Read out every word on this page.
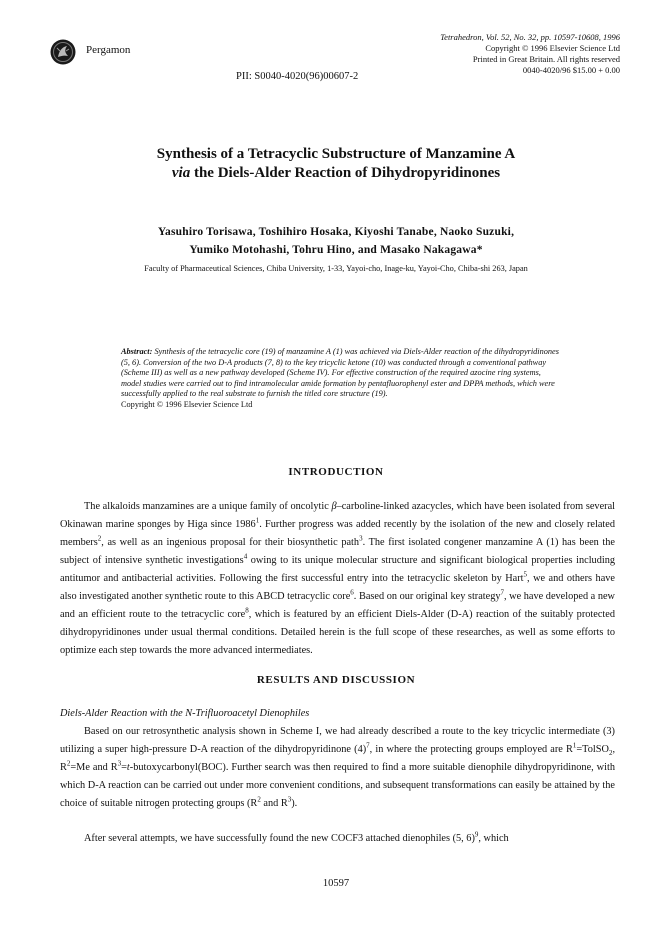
Pergamon
Tetrahedron, Vol. 52, No. 32, pp. 10597-10608, 1996
Copyright © 1996 Elsevier Science Ltd
Printed in Great Britain. All rights reserved
0040-4020/96 $15.00 + 0.00
PII: S0040-4020(96)00607-2
Synthesis of a Tetracyclic Substructure of Manzamine A
via the Diels-Alder Reaction of Dihydropyridinones
Yasuhiro Torisawa, Toshihiro Hosaka, Kiyoshi Tanabe, Naoko Suzuki,
Yumiko Motohashi, Tohru Hino, and Masako Nakagawa*
Faculty of Pharmaceutical Sciences, Chiba University, 1-33, Yayoi-cho, Inage-ku, Yayoi-Cho, Chiba-shi 263, Japan
Abstract: Synthesis of the tetracyclic core (19) of manzamine A (1) was achieved via Diels-Alder reaction of the dihydropyridinones (5, 6). Conversion of the two D-A products (7, 8) to the key tricyclic ketone (10) was conducted through a conventional pathway (Scheme III) as well as a new pathway developed (Scheme IV). For effective construction of the required azocine ring systems, model studies were carried out to find intramolecular amide formation by pentafluorophenyl ester and DPPA methods, which were successfully applied to the real substrate to furnish the titled core structure (19).
Copyright © 1996 Elsevier Science Ltd
INTRODUCTION
The alkaloids manzamines are a unique family of oncolytic β–carboline-linked azacycles, which have been isolated from several Okinawan marine sponges by Higa since 1986$^1$. Further progress was added recently by the isolation of the new and closely related members$^2$, as well as an ingenious proposal for their biosynthetic path$^3$. The first isolated congener manzamine A (1) has been the subject of intensive synthetic investigations$^4$ owing to its unique molecular structure and significant biological properties including antitumor and antibacterial activities. Following the first successful entry into the tetracyclic skeleton by Hart$^5$, we and others have also investigated another synthetic route to this ABCD tetracyclic core$^6$. Based on our original key strategy$^7$, we have developed a new and an efficient route to the tetracyclic core$^8$, which is featured by an efficient Diels-Alder (D-A) reaction of the suitably protected dihydropyridinones under usual thermal conditions. Detailed herein is the full scope of these researches, as well as some efforts to optimize each step towards the more advanced intermediates.
RESULTS AND DISCUSSION
Diels-Alder Reaction with the N-Trifluoroacetyl Dienophiles
Based on our retrosynthetic analysis shown in Scheme I, we had already described a route to the key tricyclic intermediate (3) utilizing a super high-pressure D-A reaction of the dihydropyridinone $(4)^7$, in where the protecting groups employed are $R^1=TolSO_2$, $R^2=Me$ and $R^3=t-butoxycarbonyl(BOC)$. Further search was then required to find a more suitable dienophile dihydropyridinone, with which D-A reaction can be carried out under more convenient conditions, and subsequent transformations can easily be attained by the choice of suitable nitrogen protecting groups ($R^2$ and $R^3$).
After several attempts, we have successfully found the new COCF3 attached dienophiles (5, 6)$^9$, which
10597
